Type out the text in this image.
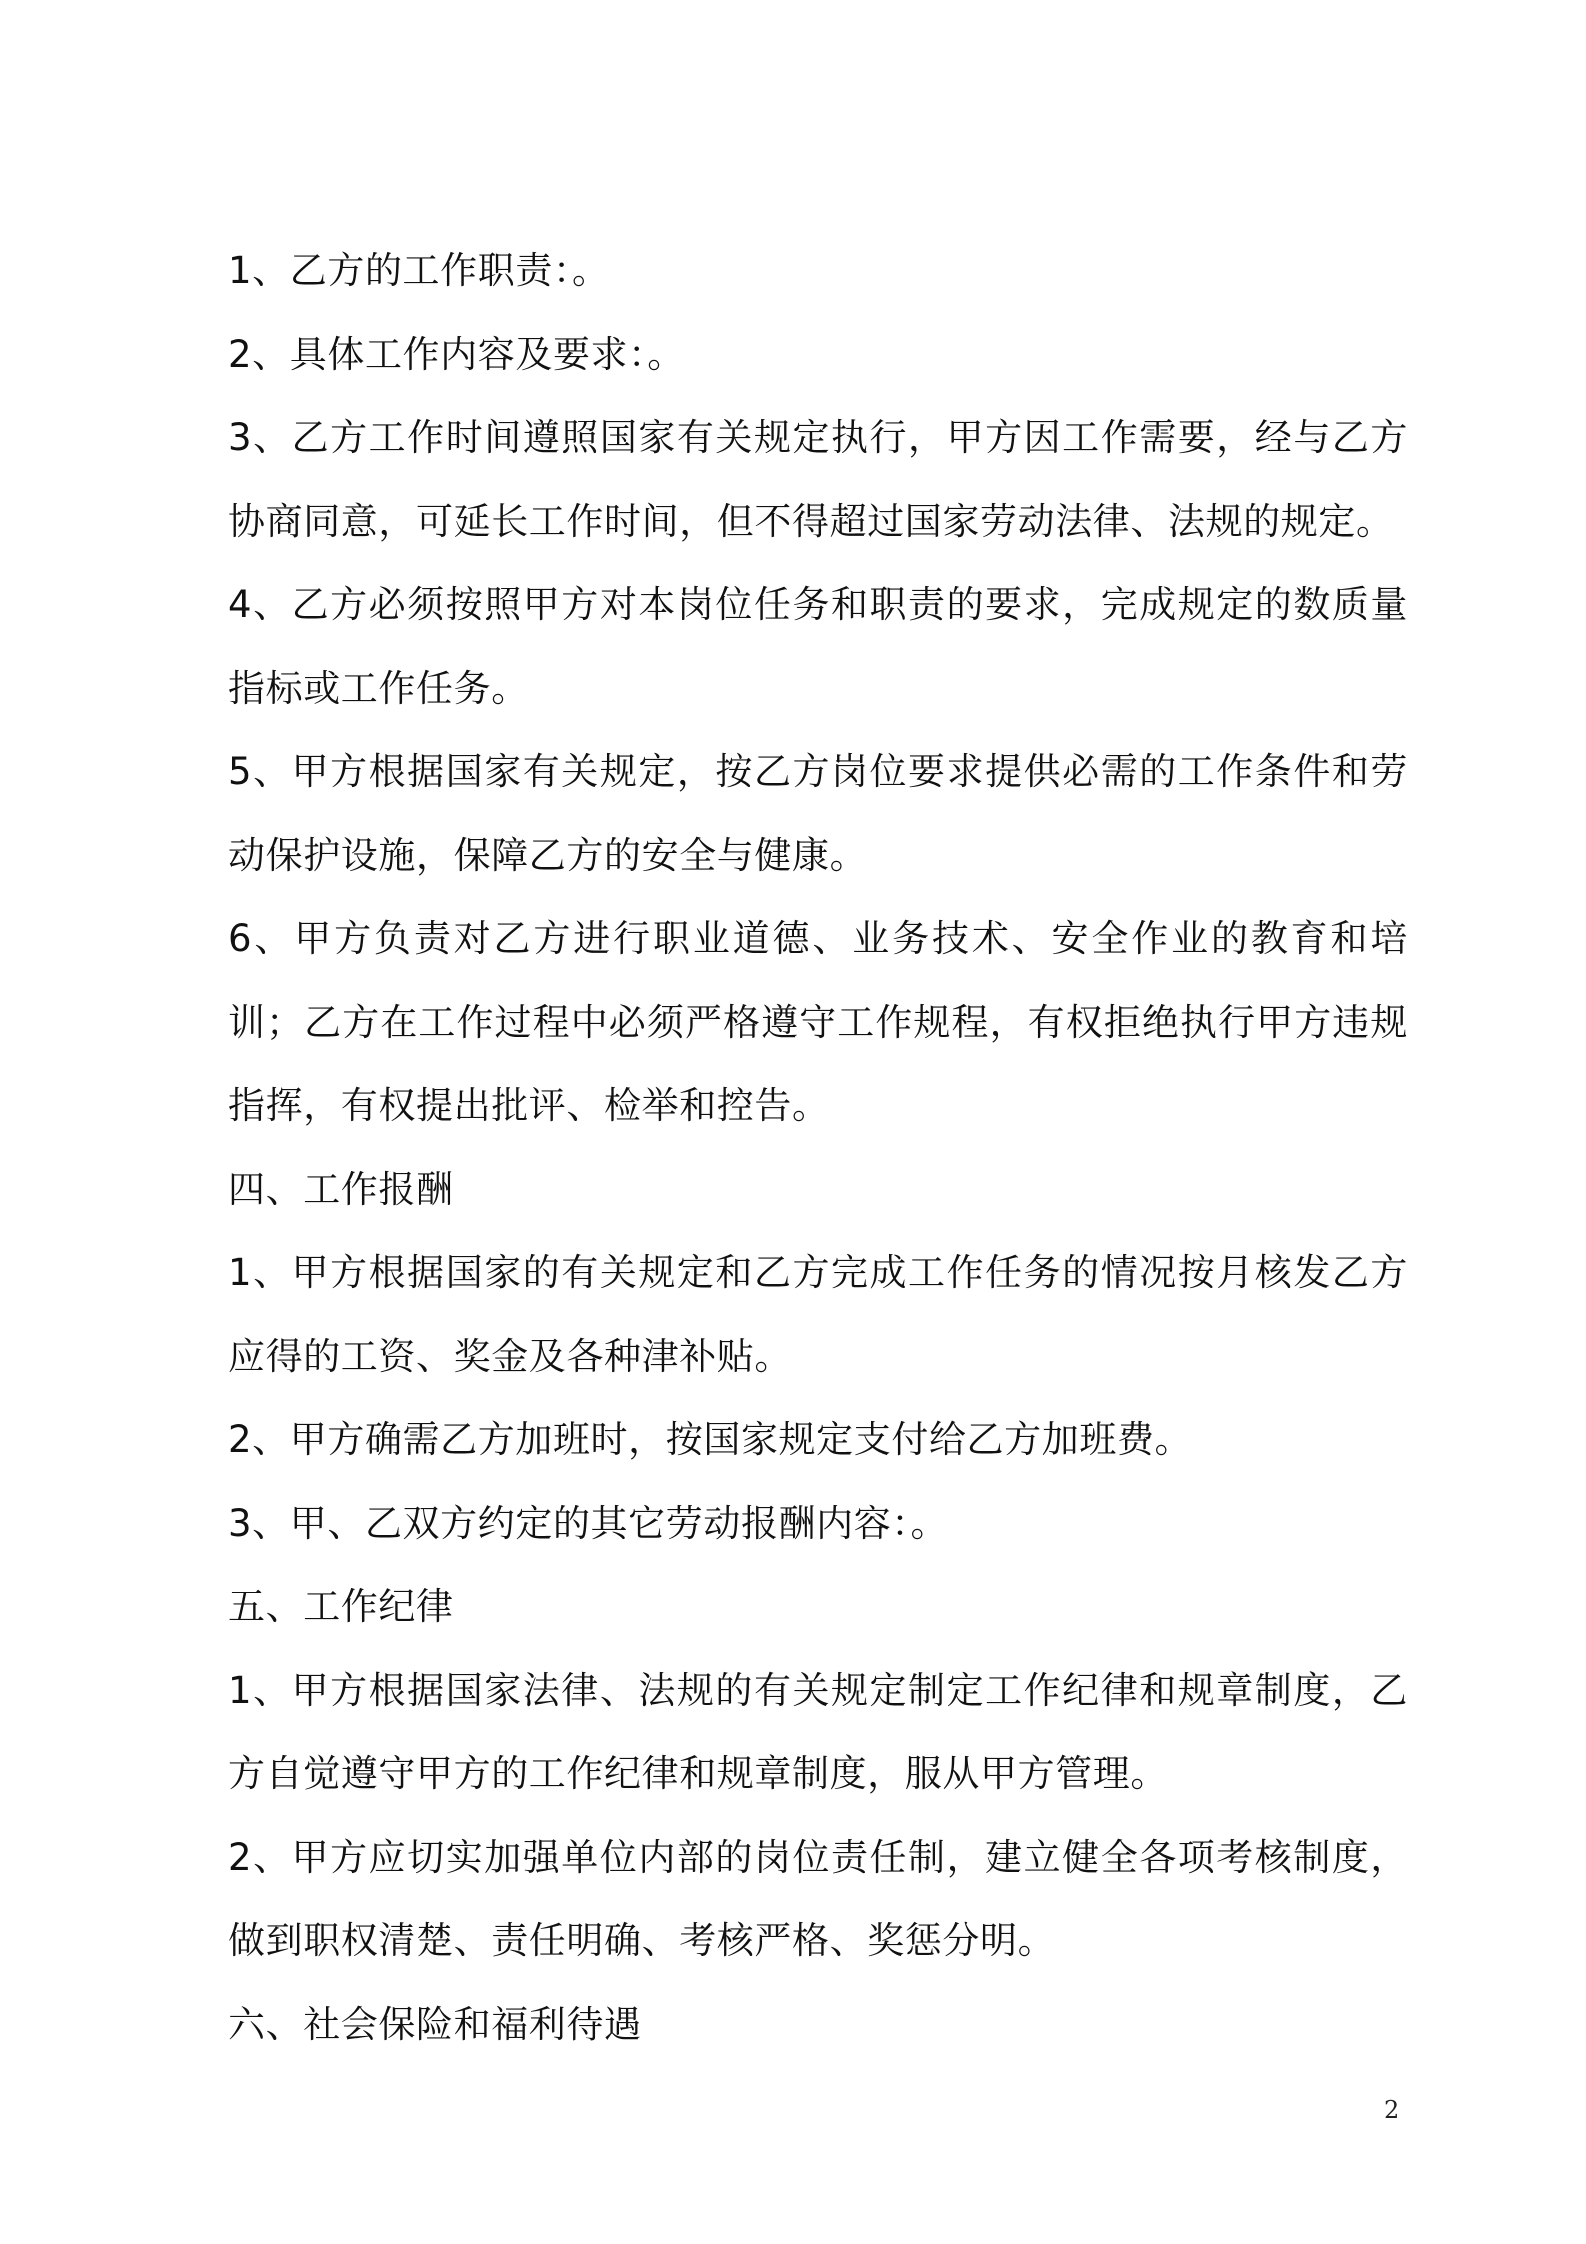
1、乙方的工作职责：。

2、具体工作内容及要求：。

3、乙方工作时间遵照国家有关规定执行，甲方因工作需要，经与乙方协商同意，可延长工作时间，但不得超过国家劳动法律、法规的规定。

4、乙方必须按照甲方对本岗位任务和职责的要求，完成规定的数质量指标或工作任务。

5、甲方根据国家有关规定，按乙方岗位要求提供必需的工作条件和劳动保护设施，保障乙方的安全与健康。

6、甲方负责对乙方进行职业道德、业务技术、安全作业的教育和培训；乙方在工作过程中必须严格遵守工作规程，有权拒绝执行甲方违规指挥，有权提出批评、检举和控告。

四、工作报酬

1、甲方根据国家的有关规定和乙方完成工作任务的情况按月核发乙方应得的工资、奖金及各种津补贴。

2、甲方确需乙方加班时，按国家规定支付给乙方加班费。

3、甲、乙双方约定的其它劳动报酬内容：。

五、工作纪律

1、甲方根据国家法律、法规的有关规定制定工作纪律和规章制度，乙方自觉遵守甲方的工作纪律和规章制度，服从甲方管理。

2、甲方应切实加强单位内部的岗位责任制，建立健全各项考核制度，做到职权清楚、责任明确、考核严格、奖惩分明。

六、社会保险和福利待遇

2
